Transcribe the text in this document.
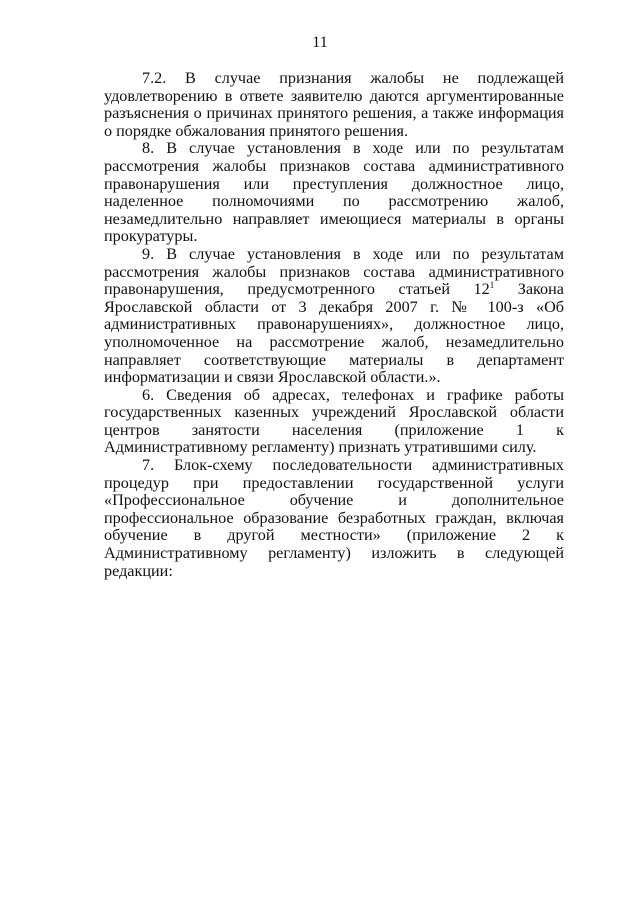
11

7.2. В случае признания жалобы не подлежащей удовлетворению в ответе заявителю даются аргументированные разъяснения о причинах принятого решения, а также информация о порядке обжалования принятого решения.

8. В случае установления в ходе или по результатам рассмотрения жалобы признаков состава административного правонарушения или преступления должностное лицо, наделенное полномочиями по рассмотрению жалоб, незамедлительно направляет имеющиеся материалы в органы прокуратуры.

9. В случае установления в ходе или по результатам рассмотрения жалобы признаков состава административного правонарушения, предусмотренного статьей $12^1$ Закона Ярославской области от 3 декабря 2007 г. № 100-з «Об административных правонарушениях», должностное лицо, уполномоченное на рассмотрение жалоб, незамедлительно направляет соответствующие материалы в департамент информатизации и связи Ярославской области.».

6. Сведения об адресах, телефонах и графике работы государственных казенных учреждений Ярославской области центров занятости населения (приложение 1 к Административному регламенту) признать утратившими силу.

7. Блок-схему последовательности административных процедур при предоставлении государственной услуги «Профессиональное обучение и дополнительное профессиональное образование безработных граждан, включая обучение в другой местности» (приложение 2 к Административному регламенту) изложить в следующей редакции:
